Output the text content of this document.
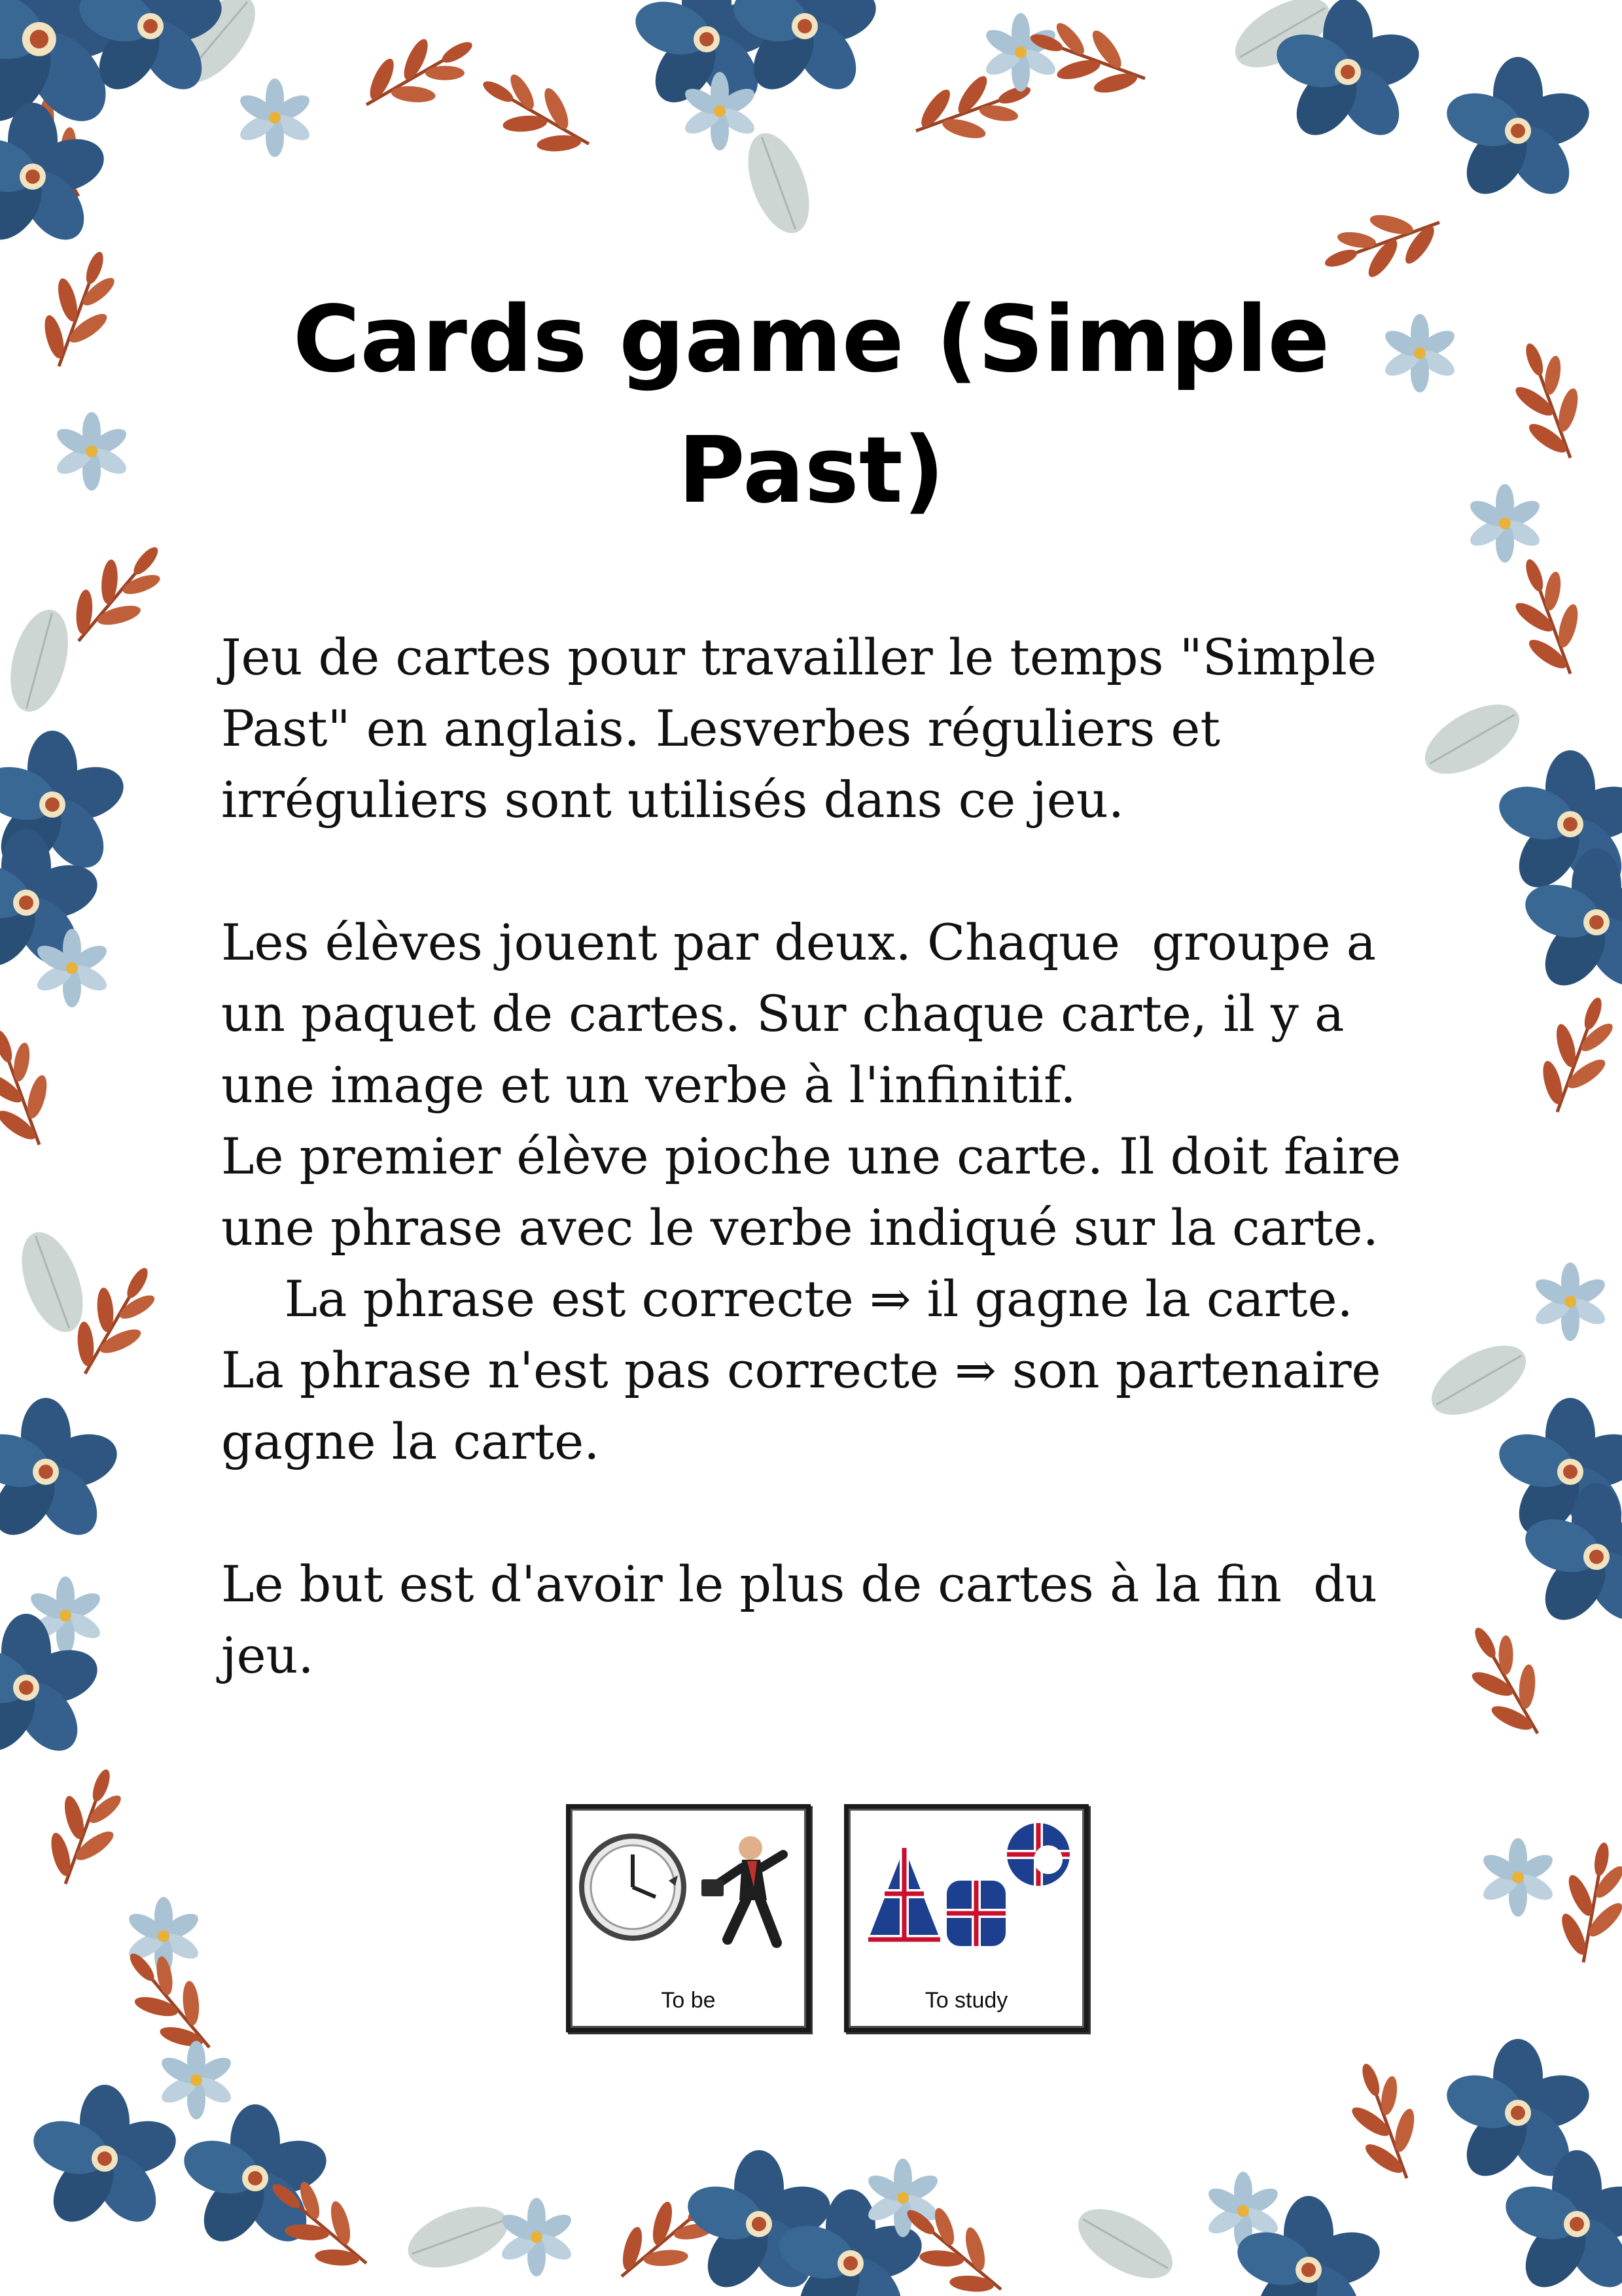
Cards game (Simple Past)

Jeu de cartes pour travailler le temps "Simple Past" en anglais. Lesverbes réguliers et irréguliers sont utilisés dans ce jeu.

Les élèves jouent par deux. Chaque  groupe a un paquet de cartes. Sur chaque carte, il y a une image et un verbe à l'infinitif.

Le premier élève pioche une carte. Il doit faire une phrase avec le verbe indiqué sur la carte.

La phrase est correcte ⇒ il gagne la carte.

La phrase n'est pas correcte ⇒ son partenaire gagne la carte.

Le but est d'avoir le plus de cartes à la fin  du jeu.

To be	To study
